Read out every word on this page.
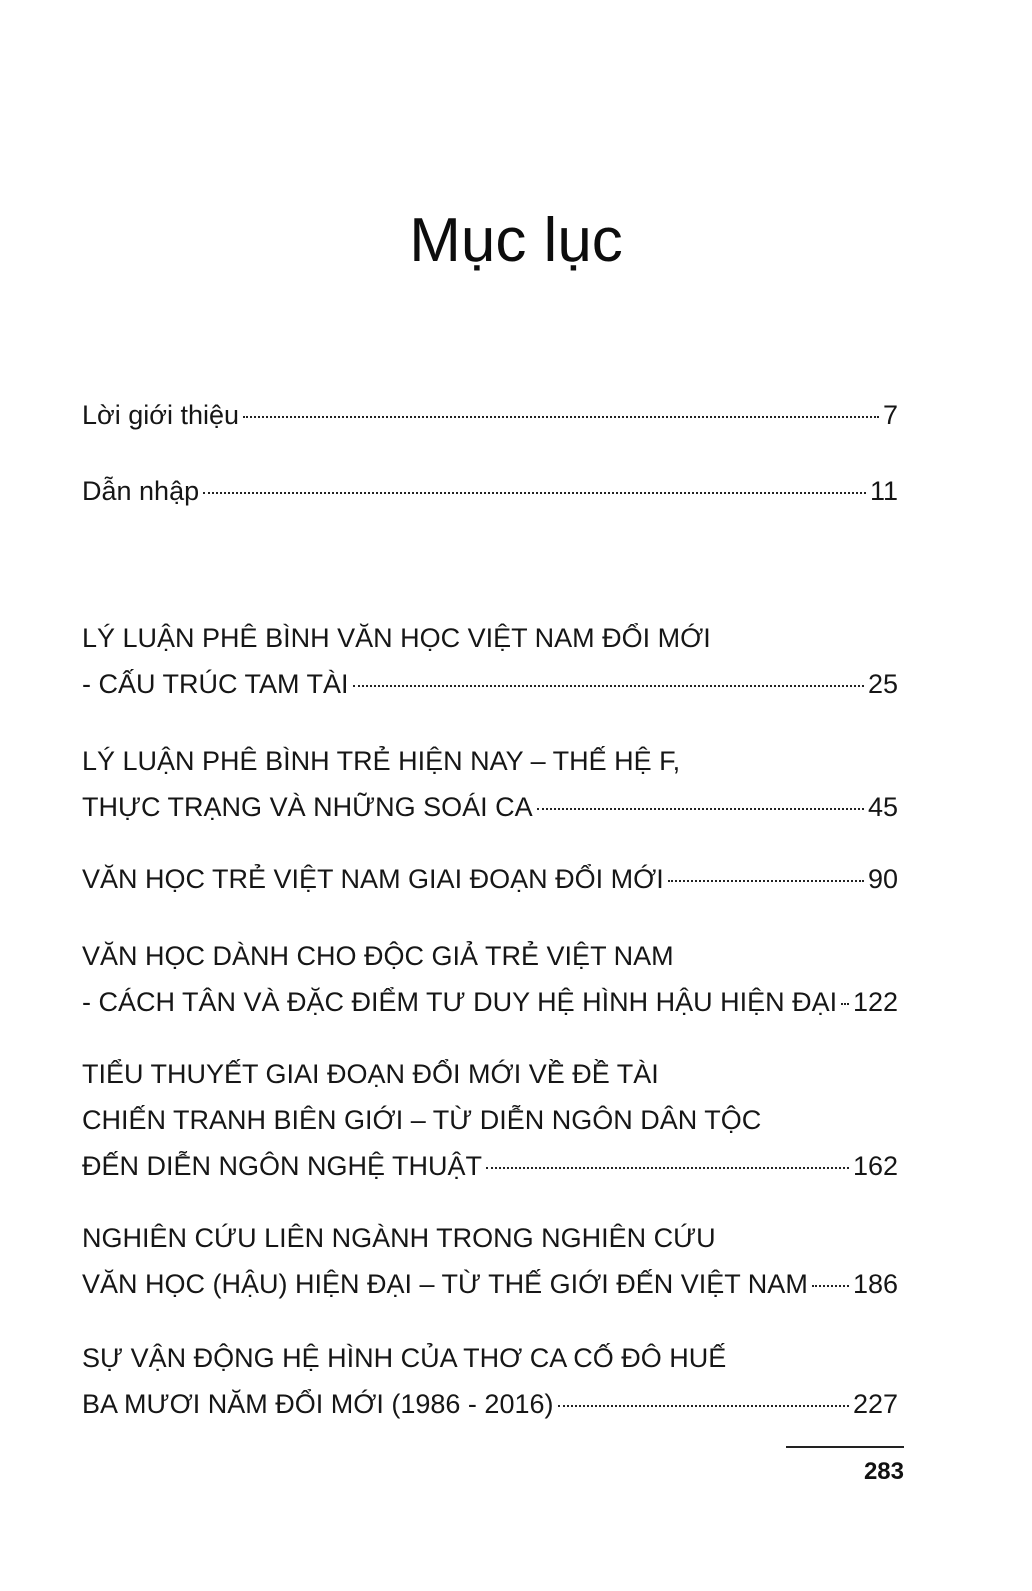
Mục lục
Lời giới thiệu	7
Dẫn nhập	11
LÝ LUẬN PHÊ BÌNH VĂN HỌC VIỆT NAM ĐỔI MỚI
- CẤU TRÚC TAM TÀI	25
LÝ LUẬN PHÊ BÌNH TRẺ HIỆN NAY – THẾ HỆ F,
THỰC TRẠNG VÀ NHỮNG SOÁI CA	45
VĂN HỌC TRẺ VIỆT NAM GIAI ĐOẠN ĐỔI MỚI	90
VĂN HỌC DÀNH CHO ĐỘC GIẢ TRẺ VIỆT NAM
- CÁCH TÂN VÀ ĐẶC ĐIỂM TƯ DUY HỆ HÌNH HẬU HIỆN ĐẠI 122
TIỂU THUYẾT GIAI ĐOẠN ĐỔI MỚI VỀ ĐỀ TÀI
CHIẾN TRANH BIÊN GIỚI – TỪ DIỄN NGÔN DÂN TỘC
ĐẾN DIỄN NGÔN NGHỆ THUẬT	162
NGHIÊN CỨU LIÊN NGÀNH TRONG NGHIÊN CỨU
VĂN HỌC (HẬU) HIỆN ĐẠI – TỪ THẾ GIỚI ĐẾN VIỆT NAM 186
SỰ VẬN ĐỘNG HỆ HÌNH CỦA THƠ CA CỐ ĐÔ HUẾ
BA MƯƠI NĂM ĐỔI MỚI (1986 - 2016)	227
283
